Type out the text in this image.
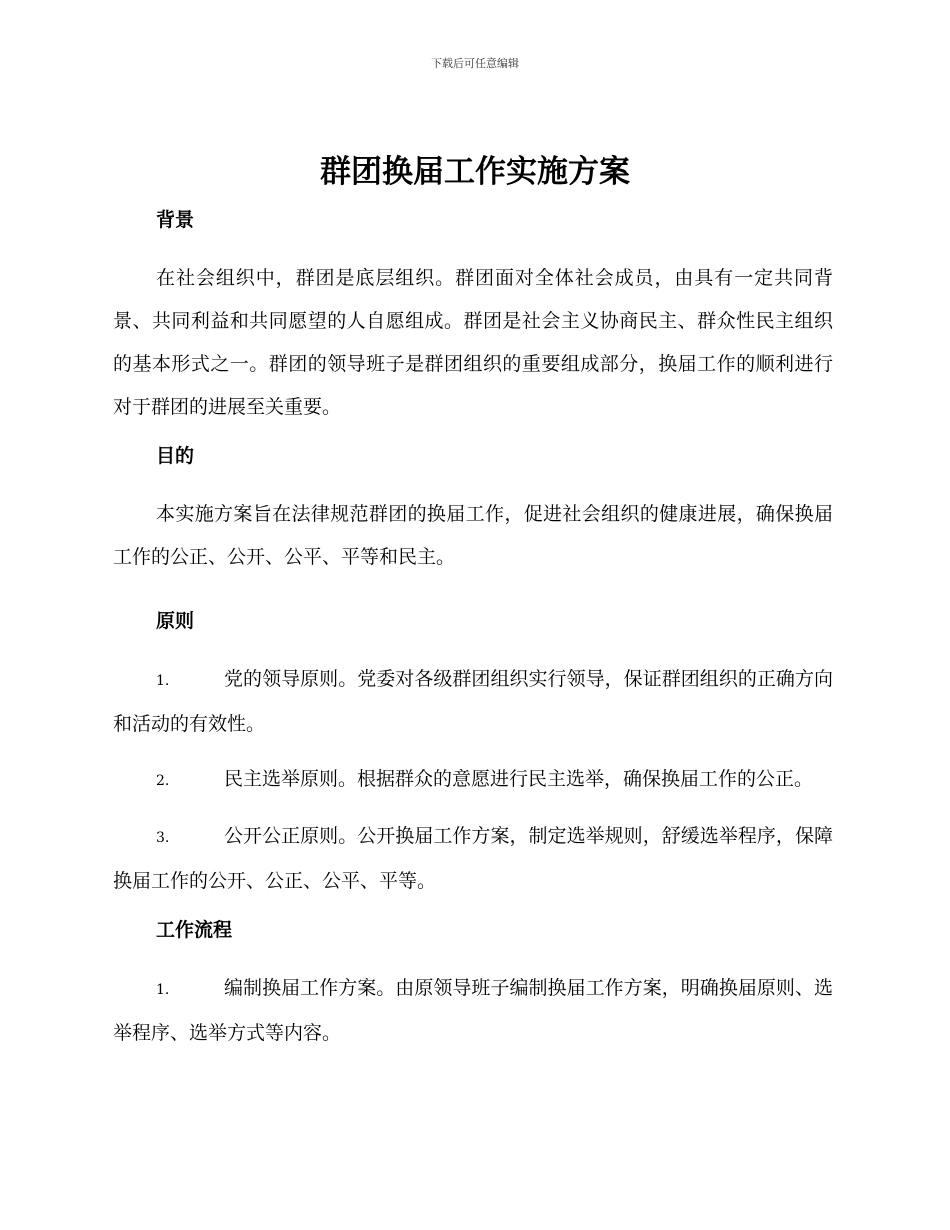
下载后可任意编辑
群团换届工作实施方案
背景

在社会组织中，群团是底层组织。群团面对全体社会成员，由具有一定共同背景、共同利益和共同愿望的人自愿组成。群团是社会主义协商民主、群众性民主组织的基本形式之一。群团的领导班子是群团组织的重要组成部分，换届工作的顺利进行对于群团的进展至关重要。

目的

本实施方案旨在法律规范群团的换届工作，促进社会组织的健康进展，确保换届工作的公正、公开、公平、平等和民主。

原则

1.	党的领导原则。党委对各级群团组织实行领导，保证群团组织的正确方向和活动的有效性。

2.	民主选举原则。根据群众的意愿进行民主选举，确保换届工作的公正。

3.	公开公正原则。公开换届工作方案，制定选举规则，舒缓选举程序，保障换届工作的公开、公正、公平、平等。

工作流程

1.	编制换届工作方案。由原领导班子编制换届工作方案，明确换届原则、选举程序、选举方式等内容。
